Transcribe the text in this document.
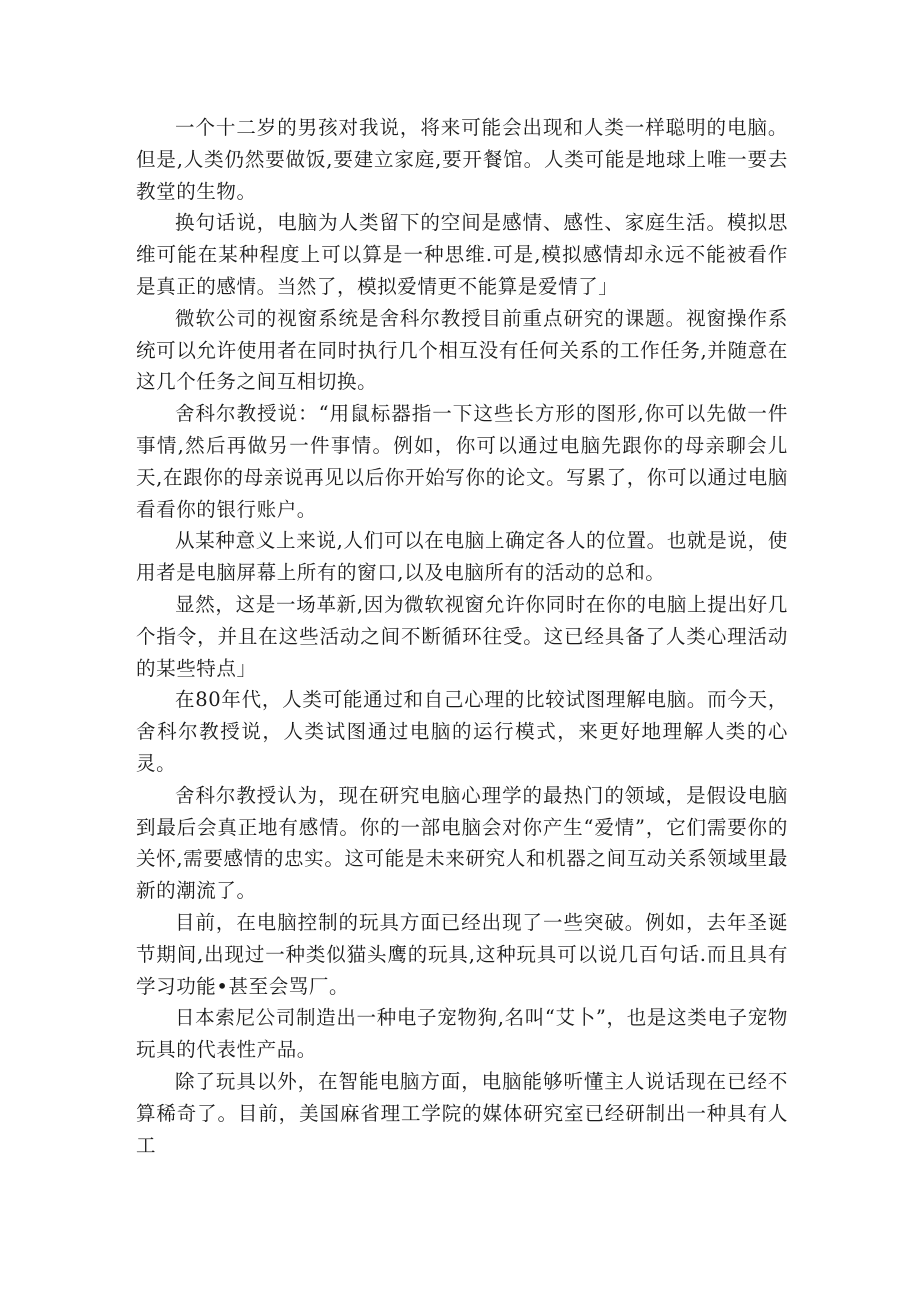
一个十二岁的男孩对我说，将来可能会出现和人类一样聪明的电脑。但是,人类仍然要做饭,要建立家庭,要开餐馆。人类可能是地球上唯一要去教堂的生物。

换句话说，电脑为人类留下的空间是感情、感性、家庭生活。模拟思维可能在某种程度上可以算是一种思维.可是,模拟感情却永远不能被看作是真正的感情。当然了，模拟爱情更不能算是爱情了」

微软公司的视窗系统是舍科尔教授目前重点研究的课题。视窗操作系统可以允许使用者在同时执行几个相互没有任何关系的工作任务,并随意在这几个任务之间互相切换。

舍科尔教授说：“用鼠标器指一下这些长方形的图形,你可以先做一件事情,然后再做另一件事情。例如，你可以通过电脑先跟你的母亲聊会儿天,在跟你的母亲说再见以后你开始写你的论文。写累了，你可以通过电脑看看你的银行账户。

从某种意义上来说,人们可以在电脑上确定各人的位置。也就是说，使用者是电脑屏幕上所有的窗口,以及电脑所有的活动的总和。

显然，这是一场革新,因为微软视窗允许你同时在你的电脑上提出好几个指令，并且在这些活动之间不断循环往受。这已经具备了人类心理活动的某些特点」

在80年代，人类可能通过和自己心理的比较试图理解电脑。而今天，舍科尔教授说，人类试图通过电脑的运行模式，来更好地理解人类的心灵。

舍科尔教授认为，现在研究电脑心理学的最热门的领域，是假设电脑到最后会真正地有感情。你的一部电脑会对你产生“爱情”，它们需要你的关怀,需要感情的忠实。这可能是未来研究人和机器之间互动关系领域里最新的潮流了。

目前，在电脑控制的玩具方面已经出现了一些突破。例如，去年圣诞节期间,出现过一种类似猫头鹰的玩具,这种玩具可以说几百句话.而且具有学习功能•甚至会骂厂。

日本索尼公司制造出一种电子宠物狗,名叫“艾卜”，也是这类电子宠物玩具的代表性产品。

除了玩具以外，在智能电脑方面，电脑能够听懂主人说话现在已经不算稀奇了。目前，美国麻省理工学院的媒体研究室已经研制出一种具有人工
